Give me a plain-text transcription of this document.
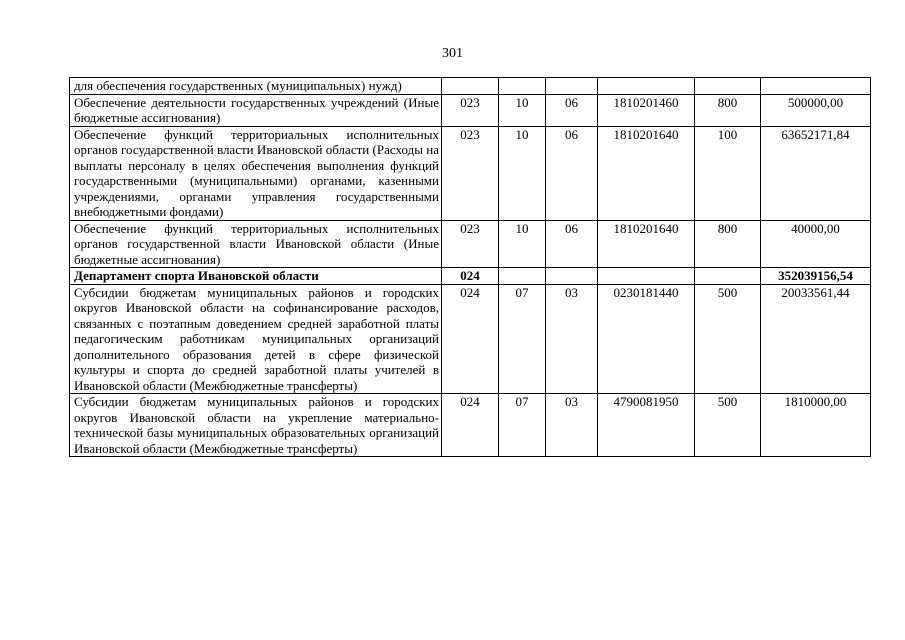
301
для обеспечения государственных (муниципальных) нужд)						
Обеспечение деятельности государственных учреждений (Иные бюджетные ассигнования)	023	10	06	1810201460	800	500000,00
Обеспечение функций территориальных исполнительных органов государственной власти Ивановской области (Расходы на выплаты персоналу в целях обеспечения выполнения функций государственными (муниципальными) органами, казенными учреждениями, органами управления государственными внебюджетными фондами)	023	10	06	1810201640	100	63652171,84
Обеспечение функций территориальных исполнительных органов государственной власти Ивановской области (Иные бюджетные ассигнования)	023	10	06	1810201640	800	40000,00
Департамент спорта Ивановской области	024					352039156,54
Субсидии бюджетам муниципальных районов и городских округов Ивановской области на софинансирование расходов, связанных с поэтапным доведением средней заработной платы педагогическим работникам муниципальных организаций дополнительного образования детей в сфере физической культуры и спорта до средней заработной платы учителей в Ивановской области (Межбюджетные трансферты)	024	07	03	0230181440	500	20033561,44
Субсидии бюджетам муниципальных районов и городских округов Ивановской области на укрепление материально-технической базы муниципальных образовательных организаций Ивановской области (Межбюджетные трансферты)	024	07	03	4790081950	500	1810000,00
